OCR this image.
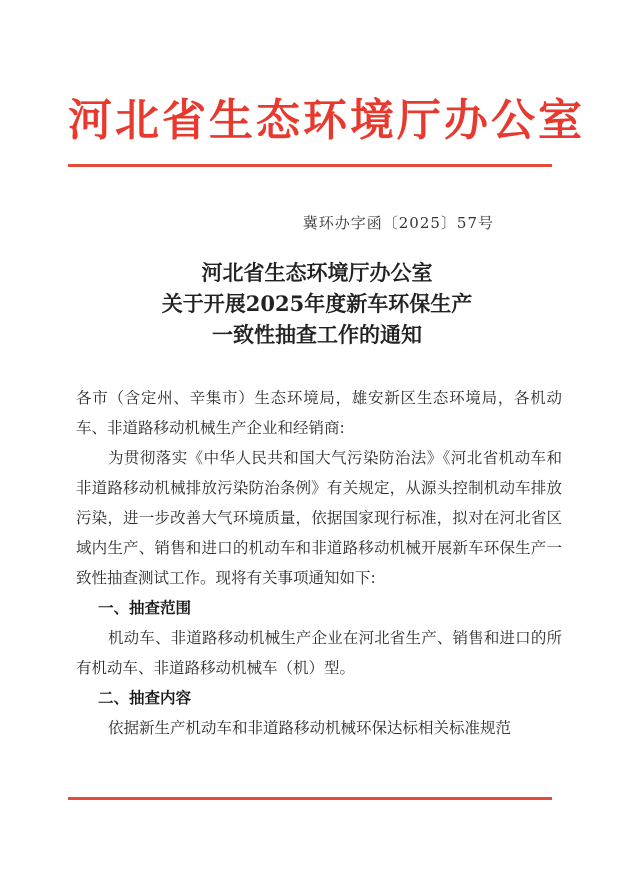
河北省生态环境厅办公室
冀环办字函〔2025〕57号
河北省生态环境厅办公室
关于开展2025年度新车环保生产
一致性抽查工作的通知

各市（含定州、辛集市）生态环境局，雄安新区生态环境局，各机动车、非道路移动机械生产企业和经销商:

为贯彻落实《中华人民共和国大气污染防治法》《河北省机动车和非道路移动机械排放污染防治条例》有关规定，从源头控制机动车排放污染，进一步改善大气环境质量，依据国家现行标准，拟对在河北省区域内生产、销售和进口的机动车和非道路移动机械开展新车环保生产一致性抽查测试工作。现将有关事项通知如下:

一、抽查范围

机动车、非道路移动机械生产企业在河北省生产、销售和进口的所有机动车、非道路移动机械车（机）型。

二、抽查内容

依据新生产机动车和非道路移动机械环保达标相关标准规范
